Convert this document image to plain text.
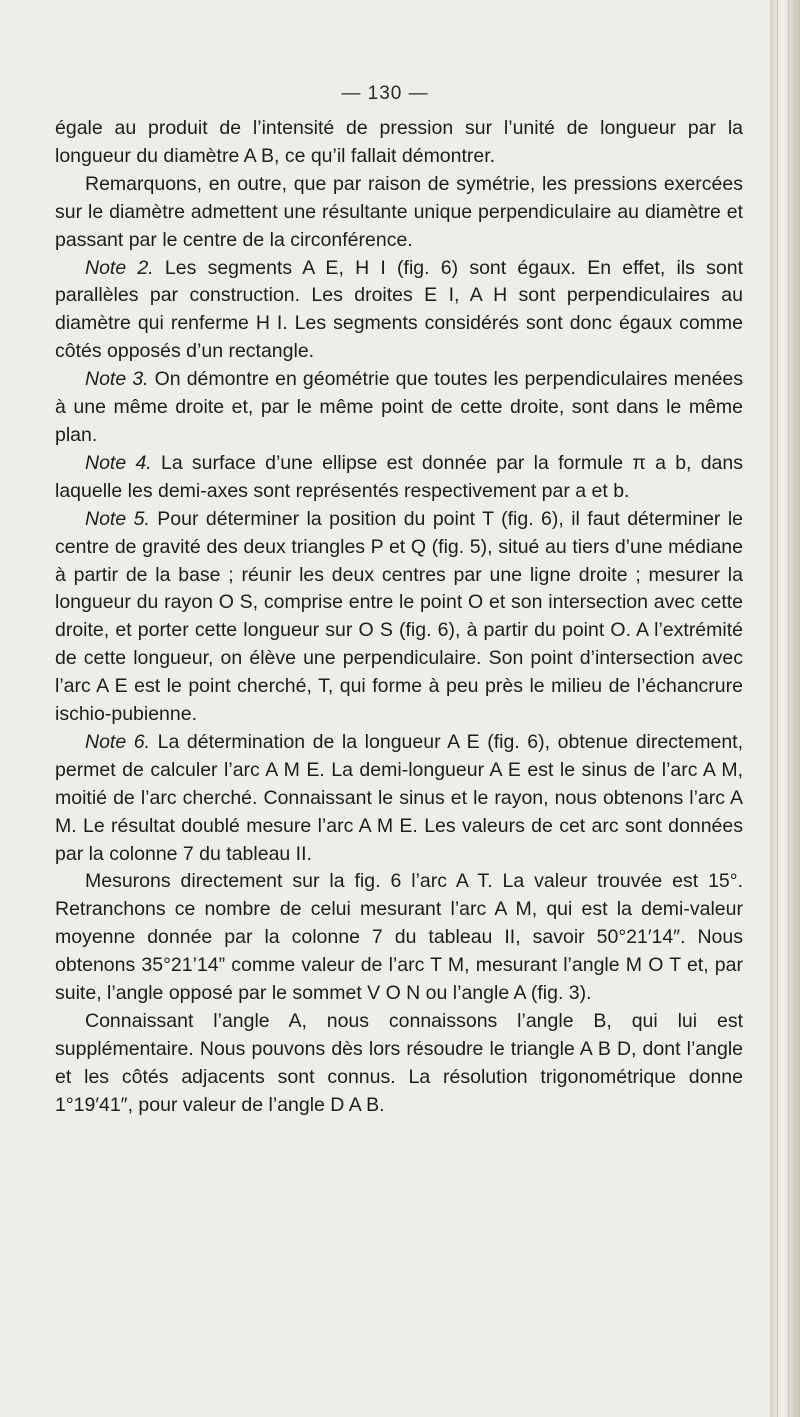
— 130 —

égale au produit de l’intensité de pression sur l’unité de longueur par la longueur du diamètre A B, ce qu’il fallait démontrer.

Remarquons, en outre, que par raison de symétrie, les pressions exercées sur le diamètre admettent une résultante unique perpendiculaire au diamètre et passant par le centre de la circonférence.

Note 2. Les segments A E, H I (fig. 6) sont égaux. En effet, ils sont parallèles par construction. Les droites E I, A H sont perpendiculaires au diamètre qui renferme H I. Les segments considérés sont donc égaux comme côtés opposés d’un rectangle.

Note 3. On démontre en géométrie que toutes les perpendiculaires menées à une même droite et, par le même point de cette droite, sont dans le même plan.

Note 4. La surface d’une ellipse est donnée par la formule π a b, dans laquelle les demi-axes sont représentés respectivement par a et b.

Note 5. Pour déterminer la position du point T (fig. 6), il faut déterminer le centre de gravité des deux triangles P et Q (fig. 5), situé au tiers d’une médiane à partir de la base ; réunir les deux centres par une ligne droite ; mesurer la longueur du rayon O S, comprise entre le point O et son intersection avec cette droite, et porter cette longueur sur O S (fig. 6), à partir du point O. A l’extrémité de cette longueur, on élève une perpendiculaire. Son point d’intersection avec l’arc A E est le point cherché, T, qui forme à peu près le milieu de l’échancrure ischio-pubienne.

Note 6. La détermination de la longueur A E (fig. 6), obtenue directement, permet de calculer l’arc A M E. La demi-longueur A E est le sinus de l’arc A M, moitié de l’arc cherché. Connaissant le sinus et le rayon, nous obtenons l’arc A M. Le résultat doublé mesure l’arc A M E. Les valeurs de cet arc sont données par la colonne 7 du tableau II.

Mesurons directement sur la fig. 6 l’arc A T. La valeur trouvée est 15°. Retranchons ce nombre de celui mesurant l’arc A M, qui est la demi-valeur moyenne donnée par la colonne 7 du tableau II, savoir 50°21′14″. Nous obtenons 35°21’14” comme valeur de l’arc T M, mesurant l’angle M O T et, par suite, l’angle opposé par le sommet V O N ou l’angle A (fig. 3).

Connaissant l’angle A, nous connaissons l’angle B, qui lui est supplémentaire. Nous pouvons dès lors résoudre le triangle A B D, dont l’angle et les côtés adjacents sont connus. La résolution trigonométrique donne 1°19′41″, pour valeur de l’angle D A B.
